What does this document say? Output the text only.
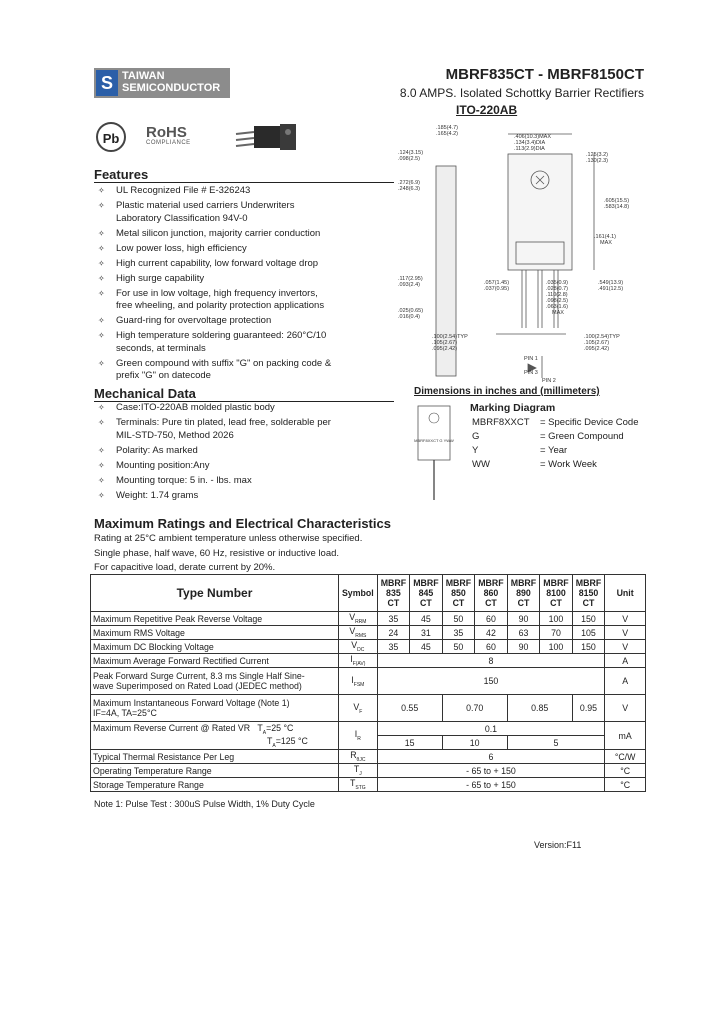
S TAIWAN
SEMICONDUCTOR
MBRF835CT - MBRF8150CT
8.0 AMPS. Isolated Schottky Barrier Rectifiers
ITO-220AB
Pb	RoHS
COMPLIANCE
Features
✧ UL Recognized File # E-326243
✧ Plastic material used carriers Underwriters Laboratory Classification 94V-0
✧ Metal silicon junction, majority carrier conduction
✧ Low power loss, high efficiency
✧ High current capability, low forward voltage drop
✧ High surge capability
✧ For use in low voltage, high frequency invertors, free wheeling, and polarity protection applications
✧ Guard-ring for overvoltage protection
✧ High temperature soldering guaranteed: 260°C/10 seconds, at terminals
✧ Green compound with suffix "G" on packing code & prefix "G" on datecode
Mechanical Data
✧ Case:ITO-220AB molded plastic body
✧ Terminals: Pure tin plated, lead free, solderable per MIL-STD-750, Method 2026
✧ Polarity: As marked
✧ Mounting position:Any
✧ Mounting torque: 5 in. - lbs. max
✧ Weight: 1.74 grams
.185(4.7)
.165(4.2)
.124(3.15)
.098(2.5)
.406(10.3)MAX
.134(3.4)DIA
.113(2.9)DIA
.125(3.2)
.130(2.3)
.272(6.9)
.248(6.3)
.605(15.5)
.583(14.8)
.161(4.1)
MAX
.117(2.95)
.093(2.4)	.057(1.45)
.037(0.95)
.025(0.65)
.016(0.4)
.035(0.9)
.028(0.7)
.110(2.8)
.098(2.5)
.063(1.6)
MAX
.549(13.9)
.491(12.5)
.100(2.54)TYP
.105(2.67)
.095(2.42)
.100(2.54)TYP
.105(2.67)
.095(2.42)
PIN 1
PIN 3
PIN 2
Dimensions in inches and (millimeters)
MBRF8XXCT G YWW
Marking Diagram
MBRF8XXCT = Specific Device Code
G	= Green Compound
Y	= Year
WW	= Work Week
Maximum Ratings and Electrical Characteristics
Rating at 25°C ambient temperature unless otherwise specified.
Single phase, half wave, 60 Hz, resistive or inductive load.
For capacitive load, derate current by 20%.
Type Number	Symbol	MBRF
835
CT	MBRF
845
CT	MBRF
850
CT	MBRF
860
CT	MBRF
890
CT	MBRF
8100
CT	MBRF
8150
CT	Unit
Maximum Repetitive Peak Reverse Voltage	$V_{RRM}$	35	45	50	60	90	100	150	V
Maximum RMS Voltage	$V_{RMS}$	24	31	35	42	63	70	105	V
Maximum DC Blocking Voltage	$V_{DC}$	35	45	50	60	90	100	150	V
Maximum Average Forward Rectified Current	$I_{F(AV)}$	8							A
Peak Forward Surge Current, 8.3 ms Single Half Sine-
wave Superimposed on Rated Load (JEDEC method)	$I_{FSM}$	150							A
Maximum Instantaneous Forward Voltage (Note 1)
IF=4A, TA=25°C	$V_F$	0.55		0.70		0.85		0.95	V
Maximum Reverse Current @ Rated VR $T_A=25$ °C
$T_A=125$ °C	$I_R$	0.1							mA
		15		10		5			
Typical Thermal Resistance Per Leg	$R_{\theta JC}$	6							°C/W
Operating Temperature Range	$T_J$	- 65 to + 150							°C
Storage Temperature Range	$T_{STG}$	- 65 to + 150							°C
Note 1: Pulse Test : 300uS Pulse Width, 1% Duty Cycle
Version:F11
